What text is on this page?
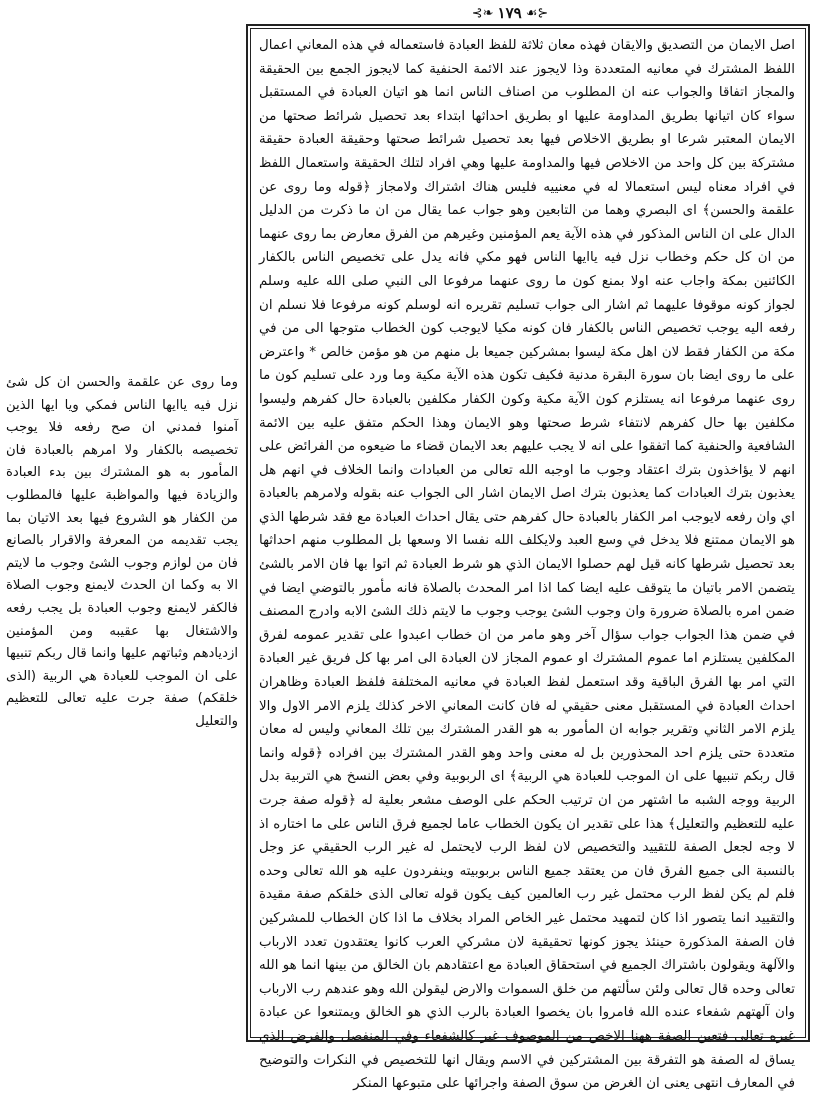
⊰❧ ١٧٩ ☙⊱

اصل الايمان من التصديق والايقان فهذه معان ثلاثة للفظ العبادة فاستعماله في هذه المعاني اعمال اللفظ المشترك في معانيه المتعددة وذا لايجوز عند الائمة الحنفية كما لايجوز الجمع بين الحقيقة والمجاز اتفاقا والجواب عنه ان المطلوب من اصناف الناس انما هو اتيان العبادة في المستقبل سواء كان اتيانها بطريق المداومة عليها او بطريق احداثها ابتداء بعد تحصيل شرائط صحتها من الايمان المعتبر شرعا او بطريق الاخلاص فيها بعد تحصيل شرائط صحتها وحقيقة العبادة حقيقة مشتركة بين كل واحد من الاخلاص فيها والمداومة عليها وهي افراد لتلك الحقيقة واستعمال اللفظ في افراد معناه ليس استعمالا له في معنييه فليس هناك اشتراك ولامجاز ﴿قوله وما روى عن علقمة والحسن﴾ اى البصري وهما من التابعين وهو جواب عما يقال من ان ما ذكرت من الدليل الدال على ان الناس المذكور في هذه الآية يعم المؤمنين وغيرهم من الفرق معارض بما روى عنهما من ان كل حكم وخطاب نزل فيه ياايها الناس فهو مكي فانه يدل على تخصيص الناس بالكفار الكائنين بمكة واجاب عنه اولا بمنع كون ما روى عنهما مرفوعا الى النبي صلى الله عليه وسلم لجواز كونه موقوفا عليهما ثم اشار الى جواب تسليم تقريره انه لوسلم كونه مرفوعا فلا نسلم ان رفعه اليه يوجب تخصيص الناس بالكفار فان كونه مكيا لايوجب كون الخطاب متوجها الى من في مكة من الكفار فقط لان اهل مكة ليسوا بمشركين جميعا بل منهم من هو مؤمن خالص * واعترض على ما روى ايضا بان سورة البقرة مدنية فكيف تكون هذه الآية مكية وما ورد على تسليم كون ما روى عنهما مرفوعا انه يستلزم كون الآية مكية وكون الكفار مكلفين بالعبادة حال كفرهم وليسوا مكلفين بها حال كفرهم لانتفاء شرط صحتها وهو الايمان وهذا الحكم متفق عليه بين الائمة الشافعية والحنفية كما اتفقوا على انه لا يجب عليهم بعد الايمان قضاء ما ضيعوه من الفرائض على انهم لا يؤاخذون بترك اعتقاد وجوب ما اوجبه الله تعالى من العبادات وانما الخلاف في انهم هل يعذبون بترك العبادات كما يعذبون بترك اصل الايمان اشار الى الجواب عنه بقوله ولامرهم بالعبادة اي وان رفعه لايوجب امر الكفار بالعبادة حال كفرهم حتى يقال احداث العبادة مع فقد شرطها الذي هو الايمان ممتنع فلا يدخل في وسع العبد ولايكلف الله نفسا الا وسعها بل المطلوب منهم احداثها بعد تحصيل شرطها كانه قيل لهم حصلوا الايمان الذي هو شرط العبادة ثم اتوا بها فان الامر بالشئ يتضمن الامر باتيان ما يتوقف عليه ايضا كما اذا امر المحدث بالصلاة فانه مأمور بالتوضي ايضا في ضمن امره بالصلاة ضرورة وان وجوب الشئ يوجب وجوب ما لايتم ذلك الشئ الابه وادرج المصنف في ضمن هذا الجواب جواب سؤال آخر وهو مامر من ان خطاب اعبدوا على تقدير عمومه لفرق المكلفين يستلزم اما عموم المشترك او عموم المجاز لان العبادة الى امر بها كل فريق غير العبادة التي امر بها الفرق الباقية وقد استعمل لفظ العبادة في معانيه المختلفة فلفظ العبادة وظاهران احداث العبادة في المستقبل معنى حقيقي له فان كانت المعاني الاخر كذلك يلزم الامر الاول والا يلزم الامر الثاني وتقرير جوابه ان المأمور به هو القدر المشترك بين تلك المعاني وليس له معان متعددة حتى يلزم احد المحذورين بل له معنى واحد وهو القدر المشترك بين افراده ﴿قوله وانما قال ربكم تنبيها على ان الموجب للعبادة هي الربية﴾ اى الربوبية وفي بعض النسخ هي التربية بدل الربية ووجه الشبه ما اشتهر من ان ترتيب الحكم على الوصف مشعر بعلية له ﴿قوله صفة جرت عليه للتعظيم والتعليل﴾ هذا على تقدير ان يكون الخطاب عاما لجميع فرق الناس على ما اختاره اذ لا وجه لجعل الصفة للتقييد والتخصيص لان لفظ الرب لايحتمل له غير الرب الحقيقي عز وجل بالنسبة الى جميع الفرق فان من يعتقد جميع الناس بربوبيته وينفردون عليه هو الله تعالى وحده فلم لم يكن لفظ الرب محتمل غير رب العالمين كيف يكون قوله تعالى الذى خلقكم صفة مقيدة والتقييد انما يتصور اذا كان لتمهيد محتمل غير الخاص المراد بخلاف ما اذا كان الخطاب للمشركين فان الصفة المذكورة حينئذ يجوز كونها تحقيقية لان مشركي العرب كانوا يعتقدون تعدد الارباب والآلهة ويقولون باشتراك الجميع في استحقاق العبادة مع اعتقادهم بان الخالق من بينها انما هو الله تعالى وحده قال تعالى ولئن سألتهم من خلق السموات والارض ليقولن الله وهو عندهم رب الارباب وان آلهتهم شفعاء عنده الله فامروا بان يخصوا العبادة بالرب الذي هو الخالق ويمتنعوا عن عبادة غيره تعالى فتعين الصفة ههنا الاخص من الموصوف غير كالشفعاء وفي المنفصل والفرض الذي يساق له الصفة هو التفرقة بين المشتركين في الاسم ويقال انها للتخصيص في النكرات والتوضيح في المعارف انتهى يعنى ان الغرض من سوق الصفة واجرائها على متبوعها المنكر

وما روى عن علقمة والحسن ان كل شئ نزل فيه ياايها الناس فمكي ويا ايها الذين آمنوا فمدني ان صح رفعه فلا يوجب تخصيصه بالكفار ولا امرهم بالعبادة فان المأمور به هو المشترك بين بدء العبادة والزيادة فيها والمواظبة عليها فالمطلوب من الكفار هو الشروع فيها بعد الاتيان بما يجب تقديمه من المعرفة والاقرار بالصانع فان من لوازم وجوب الشئ وجوب ما لايتم الا به وكما ان الحدث لايمنع وجوب الصلاة فالكفر لايمنع وجوب العبادة بل يجب رفعه والاشتغال بها عقيبه ومن المؤمنين ازديادهم وثباتهم عليها وانما قال ربكم تنبيها على ان الموجب للعبادة هي الربية (الذى خلقكم) صفة جرت عليه تعالى للتعظيم والتعليل
